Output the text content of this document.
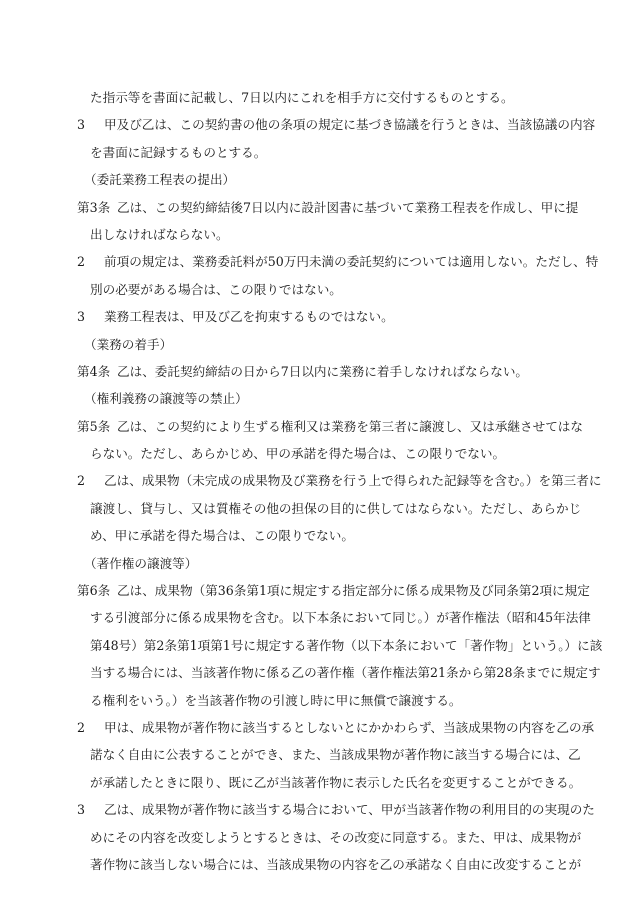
た指示等を書面に記載し、7日以内にこれを相手方に交付するものとする。
3 甲及び乙は、この契約書の他の条項の規定に基づき協議を行うときは、当該協議の内容
を書面に記録するものとする。
（委託業務工程表の提出）
第3条 乙は、この契約締結後7日以内に設計図書に基づいて業務工程表を作成し、甲に提
出しなければならない。
2 前項の規定は、業務委託料が50万円未満の委託契約については適用しない。ただし、特
別の必要がある場合は、この限りではない。
3 業務工程表は、甲及び乙を拘束するものではない。
（業務の着手）
第4条 乙は、委託契約締結の日から7日以内に業務に着手しなければならない。
（権利義務の譲渡等の禁止）
第5条 乙は、この契約により生ずる権利又は業務を第三者に譲渡し、又は承継させてはな
らない。ただし、あらかじめ、甲の承諾を得た場合は、この限りでない。
2 乙は、成果物（未完成の成果物及び業務を行う上で得られた記録等を含む。）を第三者に
譲渡し、貸与し、又は質権その他の担保の目的に供してはならない。ただし、あらかじ
め、甲に承諾を得た場合は、この限りでない。
（著作権の譲渡等）
第6条 乙は、成果物（第36条第1項に規定する指定部分に係る成果物及び同条第2項に規定
する引渡部分に係る成果物を含む。以下本条において同じ。）が著作権法（昭和45年法律
第48号）第2条第1項第1号に規定する著作物（以下本条において「著作物」という。）に該
当する場合には、当該著作物に係る乙の著作権（著作権法第21条から第28条までに規定す
る権利をいう。）を当該著作物の引渡し時に甲に無償で譲渡する。
2 甲は、成果物が著作物に該当するとしないとにかかわらず、当該成果物の内容を乙の承
諾なく自由に公表することができ、また、当該成果物が著作物に該当する場合には、乙
が承諾したときに限り、既に乙が当該著作物に表示した氏名を変更することができる。
3 乙は、成果物が著作物に該当する場合において、甲が当該著作物の利用目的の実現のた
めにその内容を改変しようとするときは、その改変に同意する。また、甲は、成果物が
著作物に該当しない場合には、当該成果物の内容を乙の承諾なく自由に改変することが
